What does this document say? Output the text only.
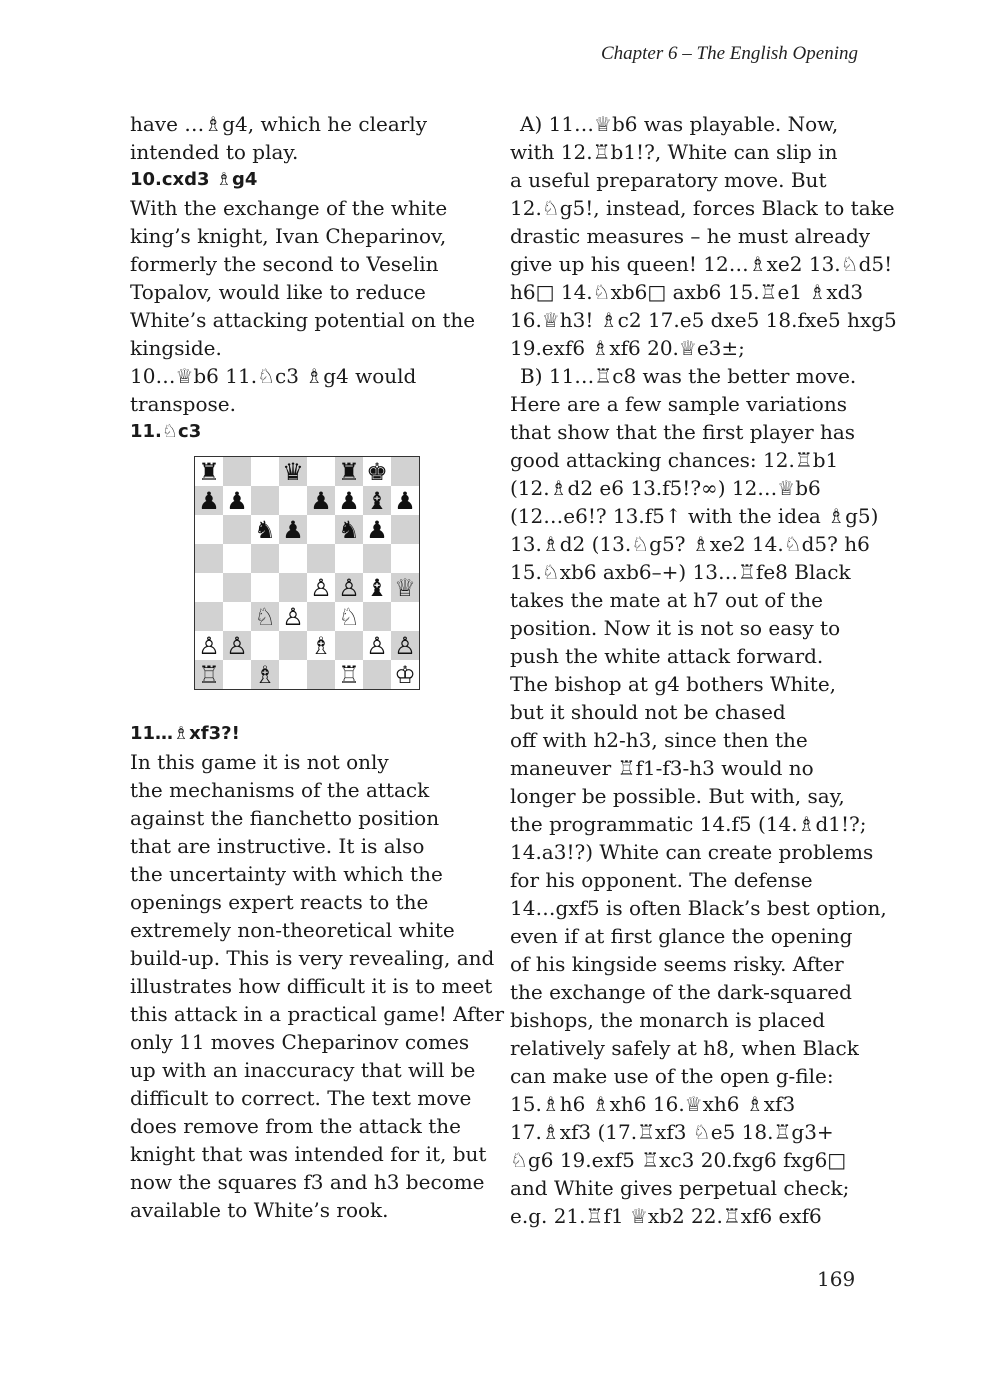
Chapter 6 – The English Opening

have …♗g4, which he clearly

intended to play.

10.cxd3 ♗g4

With the exchange of the white

king’s knight, Ivan Cheparinov,

formerly the second to Veselin

Topalov, would like to reduce

White’s attacking potential on the

kingside.

10…♕b6 11.♘c3 ♗g4 would

transpose.

11.♘c3

♜	♛ ♜ ♚
♟ ♟	♟ ♟ ♝ ♟
♞ ♟ ♞ ♟
♙ ♙ ♝ ♕
♘ ♙ ♘
♙ ♙	♗ ♙ ♙
♖ ♗	♖ ♔

11…♗xf3?!

In this game it is not only

the mechanisms of the attack

against the fianchetto position

that are instructive. It is also

the uncertainty with which the

openings expert reacts to the

extremely non-theoretical white

build-up. This is very revealing, and

illustrates how difficult it is to meet

this attack in a practical game! After

only 11 moves Cheparinov comes

up with an inaccuracy that will be

difficult to correct. The text move

does remove from the attack the

knight that was intended for it, but

now the squares f3 and h3 become

available to White’s rook.

A) 11…♕b6 was playable. Now,

with 12.♖b1!?, White can slip in

a useful preparatory move. But

12.♘g5!, instead, forces Black to take

drastic measures – he must already

give up his queen! 12…♗xe2 13.♘d5!

h6□ 14.♘xb6□ axb6 15.♖e1 ♗xd3

16.♕h3! ♗c2 17.e5 dxe5 18.fxe5 hxg5

19.exf6 ♗xf6 20.♕e3±;

B) 11…♖c8 was the better move.

Here are a few sample variations

that show that the first player has

good attacking chances: 12.♖b1

(12.♗d2 e6 13.f5!?∞) 12…♕b6

(12…e6!? 13.f5↑ with the idea ♗g5)

13.♗d2 (13.♘g5? ♗xe2 14.♘d5? h6

15.♘xb6 axb6–+) 13…♖fe8 Black

takes the mate at h7 out of the

position. Now it is not so easy to

push the white attack forward.

The bishop at g4 bothers White,

but it should not be chased

off with h2-h3, since then the

maneuver ♖f1-f3-h3 would no

longer be possible. But with, say,

the programmatic 14.f5 (14.♗d1!?;

14.a3!?) White can create problems

for his opponent. The defense

14…gxf5 is often Black’s best option,

even if at first glance the opening

of his kingside seems risky. After

the exchange of the dark-squared

bishops, the monarch is placed

relatively safely at h8, when Black

can make use of the open g-file:

15.♗h6 ♗xh6 16.♕xh6 ♗xf3

17.♗xf3 (17.♖xf3 ♘e5 18.♖g3+

♘g6 19.exf5 ♖xc3 20.fxg6 fxg6□

and White gives perpetual check;

e.g. 21.♖f1 ♕xb2 22.♖xf6 exf6

169
